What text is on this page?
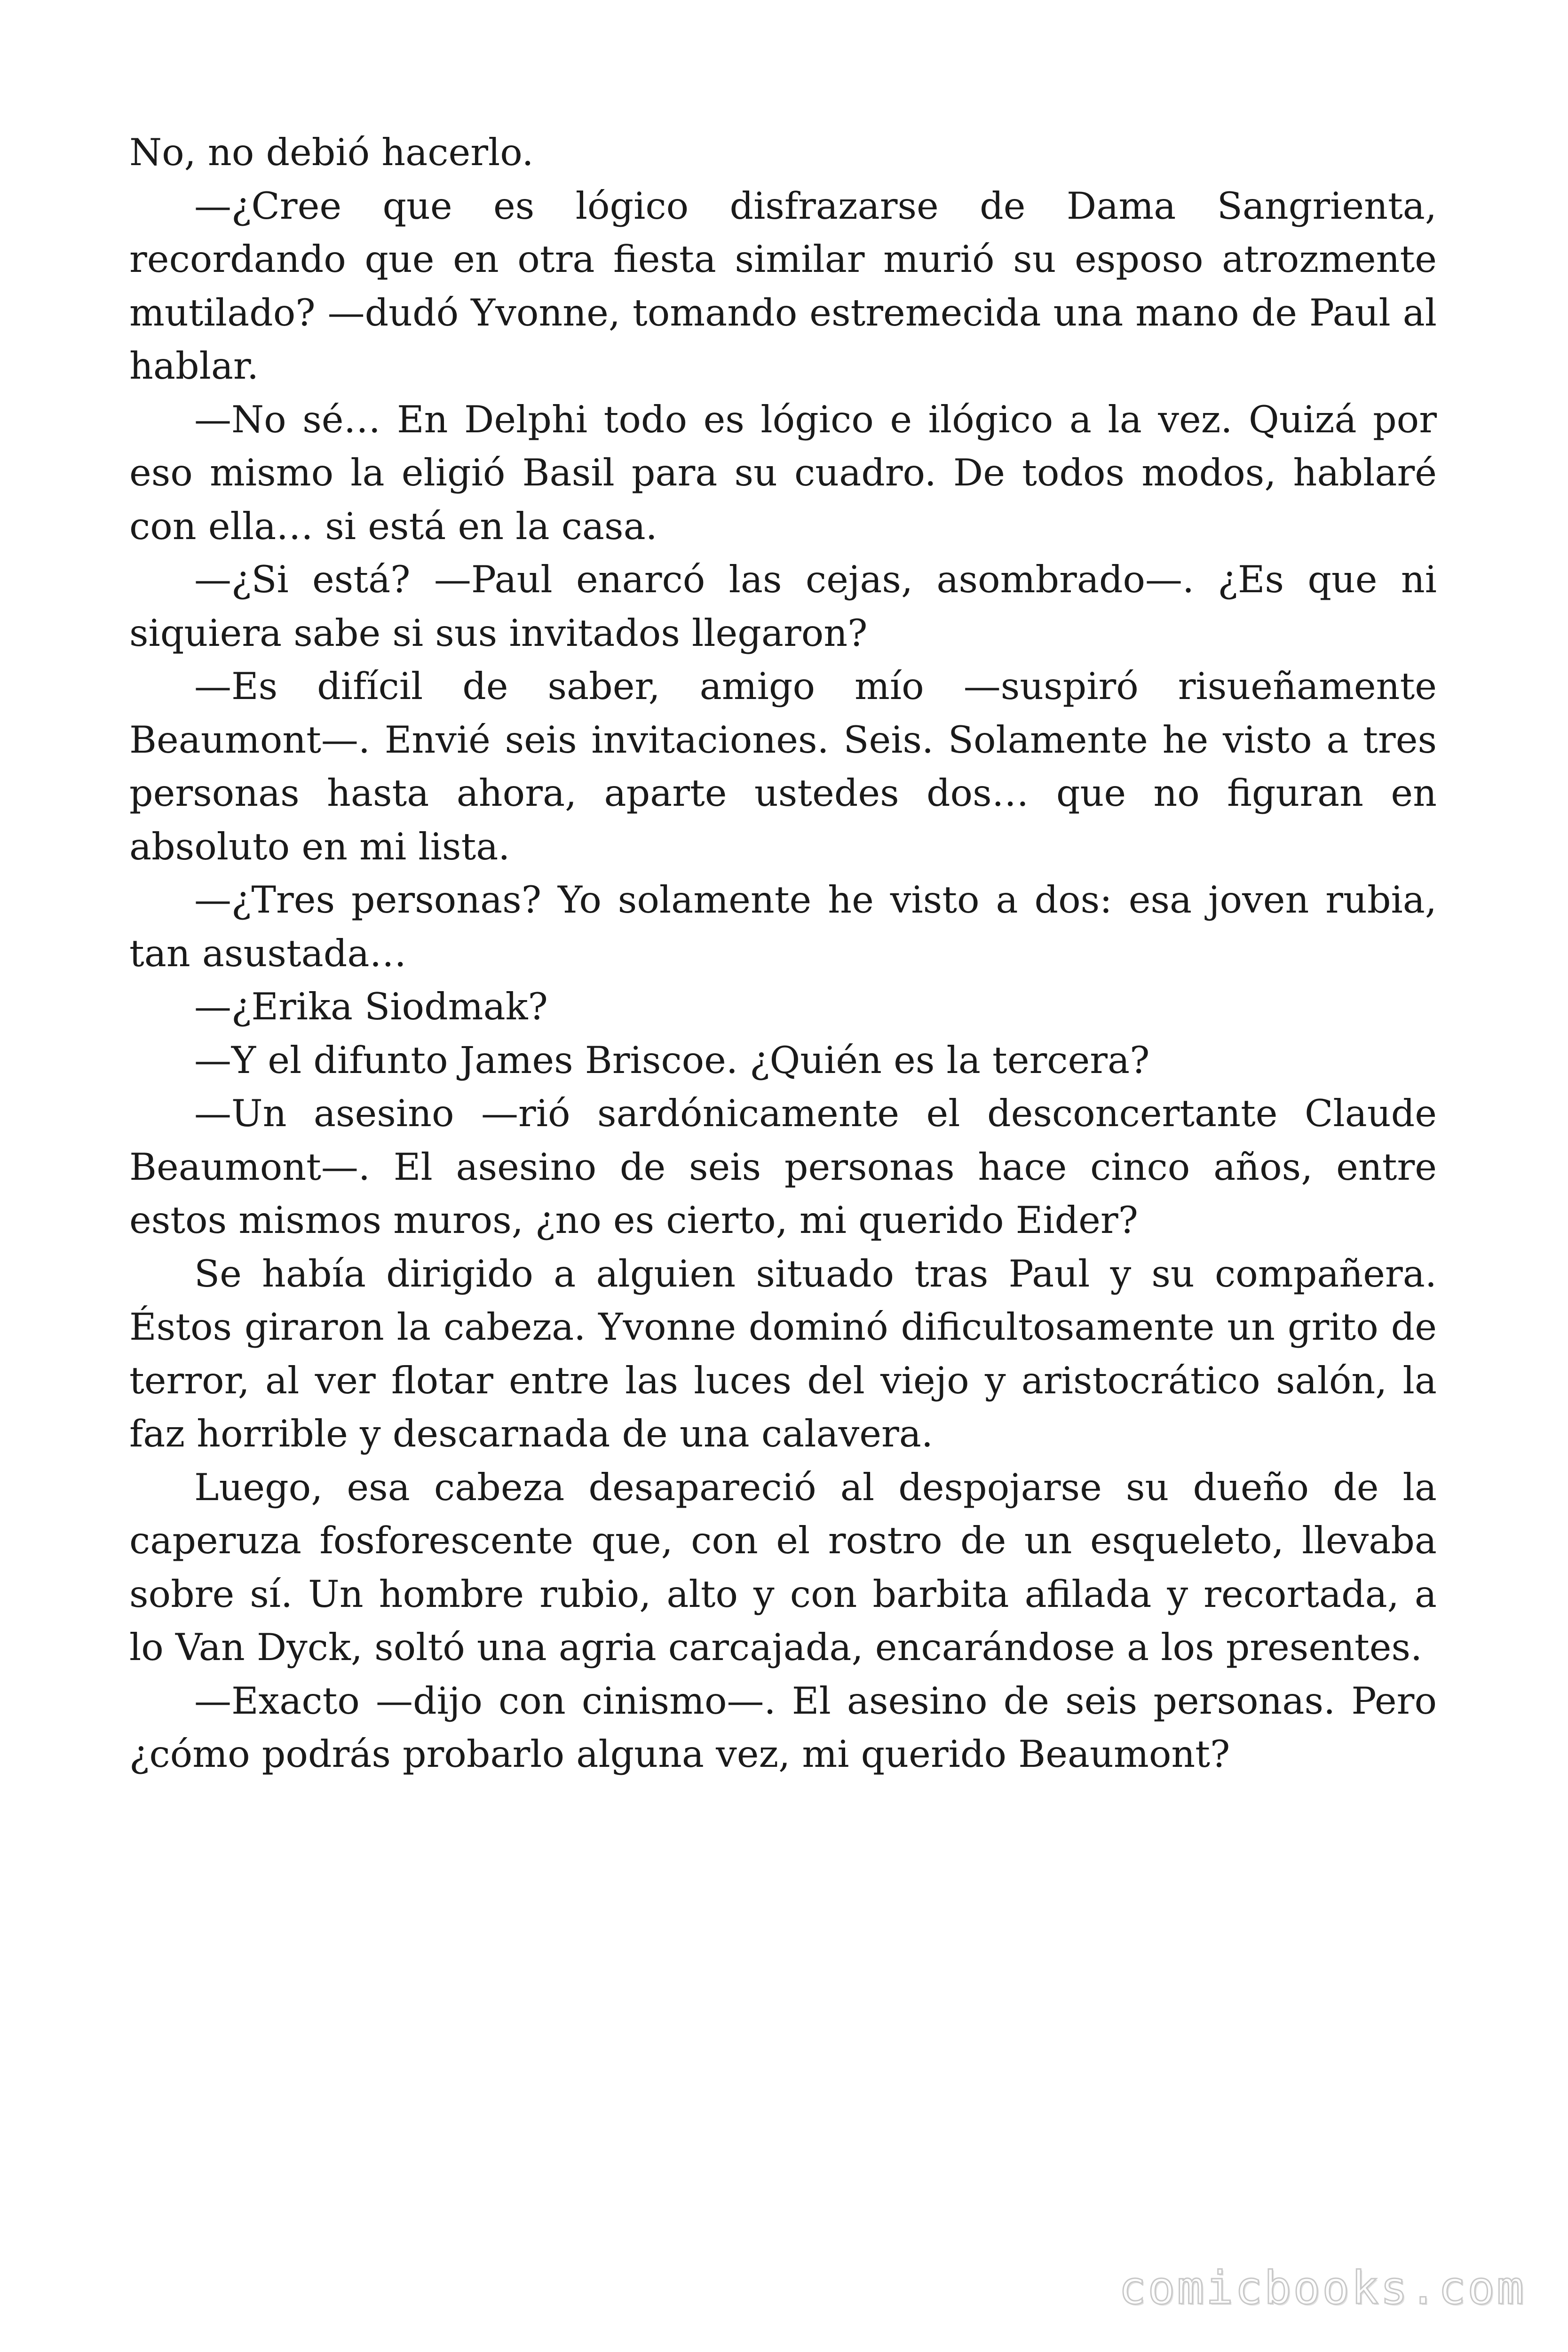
No, no debió hacerlo.

—¿Cree que es lógico disfrazarse de Dama Sangrienta, recordando que en otra fiesta similar murió su esposo atrozmente mutilado? —dudó Yvonne, tomando estremecida una mano de Paul al hablar.

—No sé… En Delphi todo es lógico e ilógico a la vez. Quizá por eso mismo la eligió Basil para su cuadro. De todos modos, hablaré con ella… si está en la casa.

—¿Si está? —Paul enarcó las cejas, asombrado—. ¿Es que ni siquiera sabe si sus invitados llegaron?

—Es difícil de saber, amigo mío —suspiró risueñamente Beaumont—. Envié seis invitaciones. Seis. Solamente he visto a tres personas hasta ahora, aparte ustedes dos… que no figuran en absoluto en mi lista.

—¿Tres personas? Yo solamente he visto a dos: esa joven rubia, tan asustada…

—¿Erika Siodmak?

—Y el difunto James Briscoe. ¿Quién es la tercera?

—Un asesino —rió sardónicamente el desconcertante Claude Beaumont—. El asesino de seis personas hace cinco años, entre estos mismos muros, ¿no es cierto, mi querido Eider?

Se había dirigido a alguien situado tras Paul y su compañera. Éstos giraron la cabeza. Yvonne dominó dificultosamente un grito de terror, al ver flotar entre las luces del viejo y aristocrático salón, la faz horrible y descarnada de una calavera.

Luego, esa cabeza desapareció al despojarse su dueño de la caperuza fosforescente que, con el rostro de un esqueleto, llevaba sobre sí. Un hombre rubio, alto y con barbita afilada y recortada, a lo Van Dyck, soltó una agria carcajada, encarándose a los presentes.

—Exacto —dijo con cinismo—. El asesino de seis personas. Pero ¿cómo podrás probarlo alguna vez, mi querido Beaumont?

comicbooks.com
